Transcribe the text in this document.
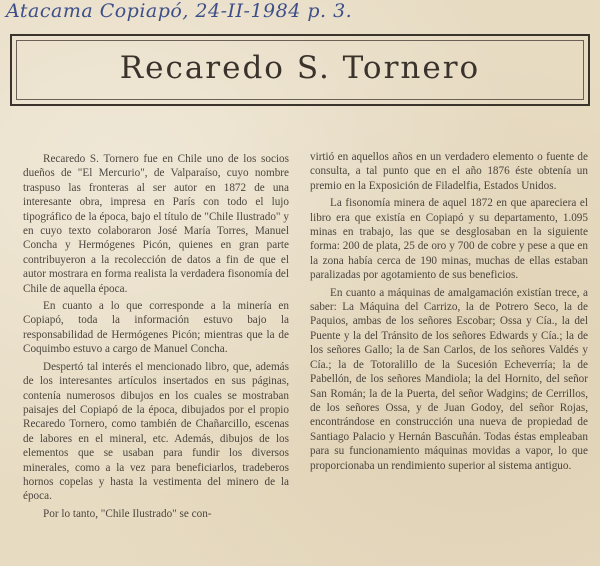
Atacama Copiapó, 24-II-1984 p. 3.
Recaredo S. Tornero

Recaredo S. Tornero fue en Chile uno de los socios dueños de "El Mercurio", de Valparaíso, cuyo nombre traspuso las fronteras al ser autor en 1872 de una interesante obra, impresa en París con todo el lujo tipográfico de la época, bajo el título de "Chile Ilustrado" y en cuyo texto colaboraron José María Torres, Manuel Concha y Hermógenes Picón, quienes en gran parte contribuyeron a la recolección de datos a fin de que el autor mostrara en forma realista la verdadera fisonomía del Chile de aquella época.

En cuanto a lo que corresponde a la minería en Copiapó, toda la información estuvo bajo la responsabilidad de Hermógenes Picón; mientras que la de Coquimbo estuvo a cargo de Manuel Concha.

Despertó tal interés el mencionado libro, que, además de los interesantes artículos insertados en sus páginas, contenía numerosos dibujos en los cuales se mostraban paisajes del Copiapó de la época, dibujados por el propio Recaredo Tornero, como también de Chañarcillo, escenas de labores en el mineral, etc. Además, dibujos de los elementos que se usaban para fundir los diversos minerales, como a la vez para beneficiarlos, tradeberos hornos copelas y hasta la vestimenta del minero de la época.

Por lo tanto, "Chile Ilustrado" se con-

virtió en aquellos años en un verdadero elemento o fuente de consulta, a tal punto que en el año 1876 éste obtenía un premio en la Exposición de Filadelfia, Estados Unidos.

La fisonomía minera de aquel 1872 en que apareciera el libro era que existía en Copiapó y su departamento, 1.095 minas en trabajo, las que se desglosaban en la siguiente forma: 200 de plata, 25 de oro y 700 de cobre y pese a que en la zona había cerca de 190 minas, muchas de ellas estaban paralizadas por agotamiento de sus beneficios.

En cuanto a máquinas de amalgamación existían trece, a saber: La Máquina del Carrizo, la de Potrero Seco, la de Paquios, ambas de los señores Escobar; Ossa y Cía., la del Puente y la del Tránsito de los señores Edwards y Cía.; la de los señores Gallo; la de San Carlos, de los señores Valdés y Cía.; la de Totoralillo de la Sucesión Echeverría; la de Pabellón, de los señores Mandiola; la del Hornito, del señor San Román; la de la Puerta, del señor Wadgins; de Cerrillos, de los señores Ossa, y de Juan Godoy, del señor Rojas, encontrándose en construcción una nueva de propiedad de Santiago Palacio y Hernán Bascuñán. Todas éstas empleaban para su funcionamiento máquinas movidas a vapor, lo que proporcionaba un rendimiento superior al sistema antiguo.
